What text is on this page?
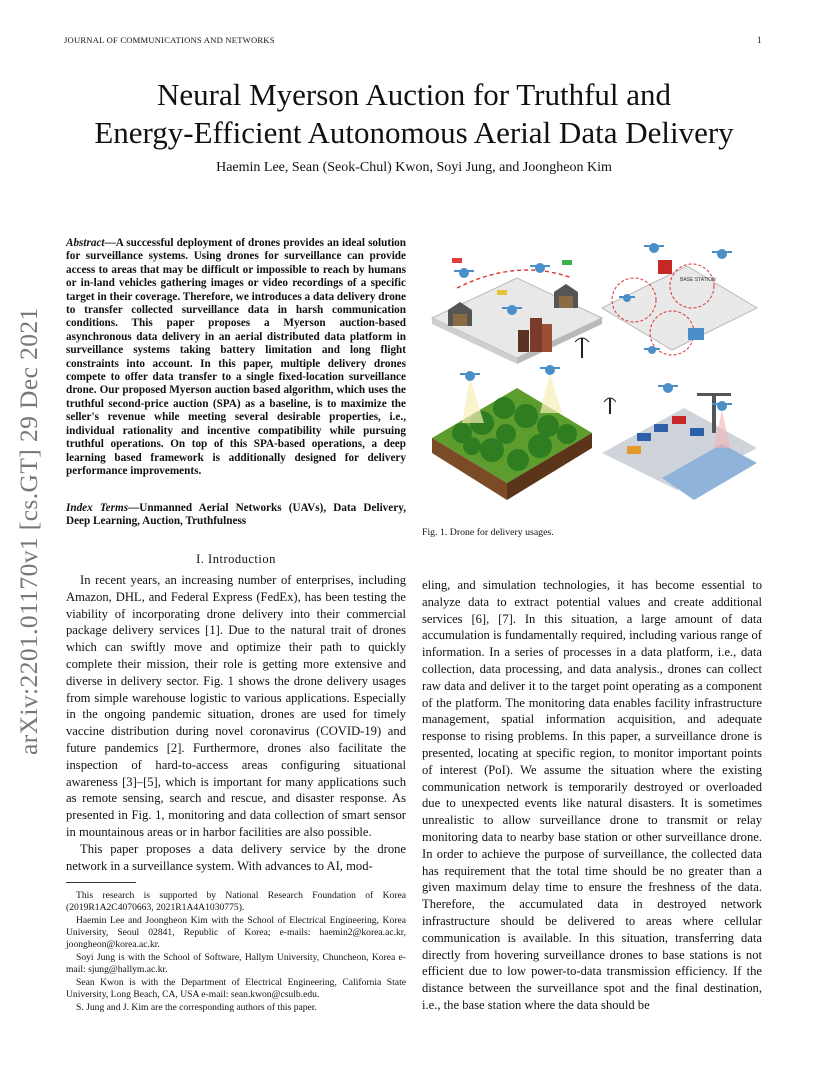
JOURNAL OF COMMUNICATIONS AND NETWORKS	1
arXiv:2201.01170v1 [cs.GT] 29 Dec 2021
Neural Myerson Auction for Truthful and
Energy-Efficient Autonomous Aerial Data Delivery
Haemin Lee, Sean (Seok-Chul) Kwon, Soyi Jung, and Joongheon Kim
Abstract—A successful deployment of drones provides an ideal solution for surveillance systems. Using drones for surveillance can provide access to areas that may be difficult or impossible to reach by humans or in-land vehicles gathering images or video recordings of a specific target in their coverage. Therefore, we introduces a data delivery drone to transfer collected surveillance data in harsh communication conditions. This paper proposes a Myerson auction-based asynchronous data delivery in an aerial distributed data platform in surveillance systems taking battery limitation and long flight constraints into account. In this paper, multiple delivery drones compete to offer data transfer to a single fixed-location surveillance drone. Our proposed Myerson auction based algorithm, which uses the truthful second-price auction (SPA) as a baseline, is to maximize the seller's revenue while meeting several desirable properties, i.e., individual rationality and incentive compatibility while pursuing truthful operations. On top of this SPA-based operations, a deep learning based framework is additionally designed for delivery performance improvements.
Index Terms—Unmanned Aerial Networks (UAVs), Data Delivery, Deep Learning, Auction, Truthfulness
I. Introduction

In recent years, an increasing number of enterprises, including Amazon, DHL, and Federal Express (FedEx), has been testing the viability of incorporating drone delivery into their commercial package delivery services [1]. Due to the natural trait of drones which can swiftly move and optimize their path to quickly complete their mission, their role is getting more extensive and diverse in delivery sector. Fig. 1 shows the drone delivery usages from simple warehouse logistic to various applications. Especially in the ongoing pandemic situation, drones are used for timely vaccine distribution during novel coronavirus (COVID-19) and future pandemics [2]. Furthermore, drones also facilitate the inspection of hard-to-access areas configuring situational awareness [3]–[5], which is important for many applications such as remote sensing, search and rescue, and disaster response. As presented in Fig. 1, monitoring and data collection of smart sensor in mountainous areas or in harbor facilities are also possible.

This paper proposes a data delivery service by the drone network in a surveillance system. With advances to AI, mod-

This research is supported by National Research Foundation of Korea (2019R1A2C4070663, 2021R1A4A1030775).

Haemin Lee and Joongheon Kim with the School of Electrical Engineering, Korea University, Seoul 02841, Republic of Korea; e-mails: haemin2@korea.ac.kr, joongheon@korea.ac.kr.

Soyi Jung is with the School of Software, Hallym University, Chuncheon, Korea e-mail: sjung@hallym.ac.kr.

Sean Kwon is with the Department of Electrical Engineering, California State University, Long Beach, CA, USA e-mail: sean.kwon@csulb.edu.

S. Jung and J. Kim are the corresponding authors of this paper.

BASE STATION
Fig. 1. Drone for delivery usages.
eling, and simulation technologies, it has become essential to analyze data to extract potential values and create additional services [6], [7]. In this situation, a large amount of data accumulation is fundamentally required, including various range of information. In a series of processes in a data platform, i.e., data collection, data processing, and data analysis., drones can collect raw data and deliver it to the target point operating as a component of the platform. The monitoring data enables facility infrastructure management, spatial information acquisition, and adequate response to rising problems. In this paper, a surveillance drone is presented, locating at specific region, to monitor important points of interest (PoI). We assume the situation where the existing communication network is temporarily destroyed or overloaded due to unexpected events like natural disasters. It is sometimes unrealistic to allow surveillance drone to transmit or relay monitoring data to nearby base station or other surveillance drone. In order to achieve the purpose of surveillance, the collected data has requirement that the total time should be no greater than a given maximum delay time to ensure the freshness of the data. Therefore, the accumulated data in destroyed network infrastructure should be delivered to areas where cellular communication is available. In this situation, transferring data directly from hovering surveillance drones to base stations is not efficient due to low power-to-data transmission efficiency. If the distance between the surveillance spot and the final destination, i.e., the base station where the data should be
